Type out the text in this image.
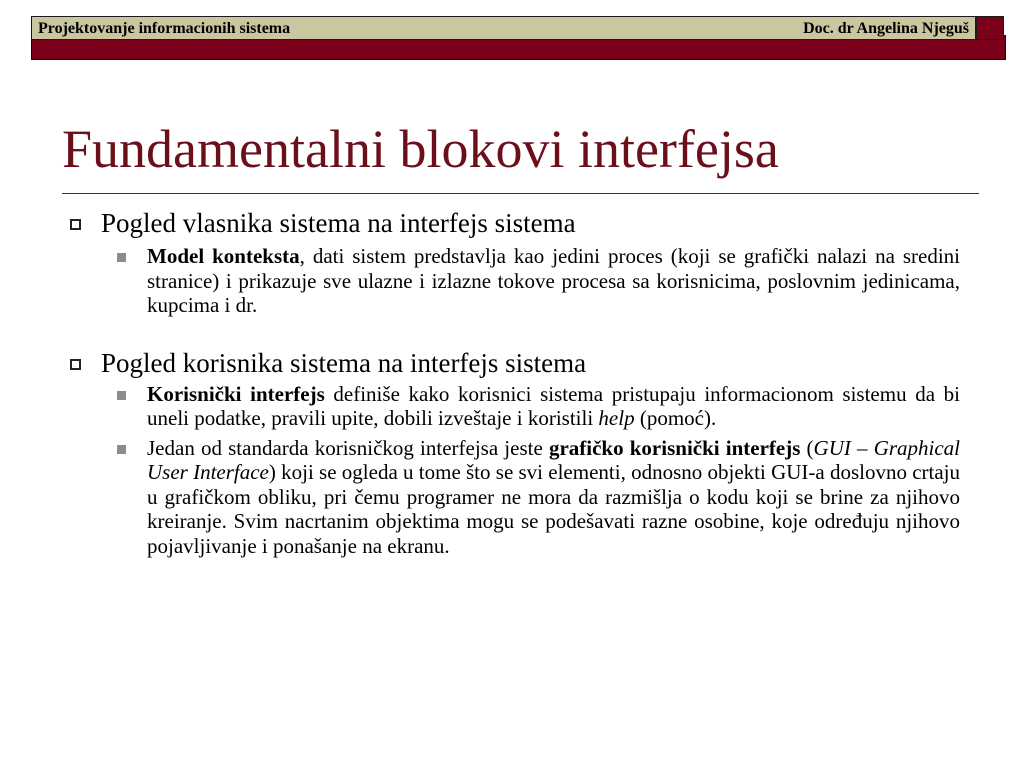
Projektovanje informacionih sistema	Doc. dr Angelina Njeguš
Fundamentalni blokovi interfejsa
Pogled vlasnika sistema na interfejs sistema
Model konteksta, dati sistem predstavlja kao jedini proces (koji se grafički nalazi na sredini stranice) i prikazuje sve ulazne i izlazne tokove procesa sa korisnicima, poslovnim jedinicama, kupcima i dr.
Pogled korisnika sistema na interfejs sistema
Korisnički interfejs definiše kako korisnici sistema pristupaju informacionom sistemu da bi uneli podatke, pravili upite, dobili izveštaje i koristili help (pomoć).
Jedan od standarda korisničkog interfejsa jeste grafičko korisnički interfejs (GUI – Graphical User Interface) koji se ogleda u tome što se svi elementi, odnosno objekti GUI-a doslovno crtaju u grafičkom obliku, pri čemu programer ne mora da razmišlja o kodu koji se brine za njihovo kreiranje. Svim nacrtanim objektima mogu se podešavati razne osobine, koje određuju njihovo pojavljivanje i ponašanje na ekranu.
